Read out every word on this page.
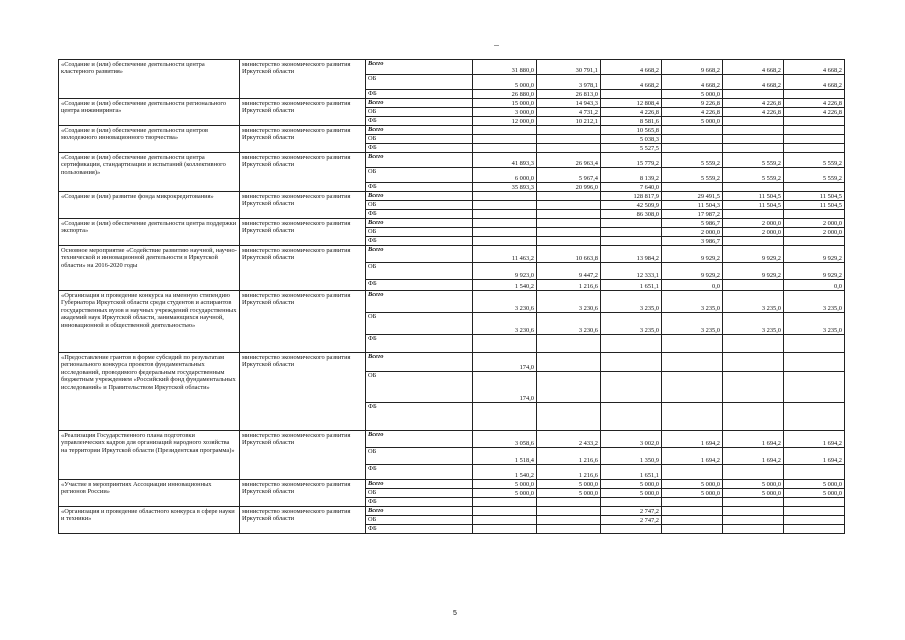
«Создание и (или) обеспечение деятельности центра кластерного развития»	министерство экономического развития Иркутской области	Всего	31 880,0	30 791,1	4 668,2	9 668,2	4 668,2	4 668,2
		ОБ	5 000,0	3 978,1	4 668,2	4 668,2	4 668,2	4 668,2
		ФБ	26 880,0	26 813,0		5 000,0		
«Создание и (или) обеспечение деятельности регионального центра инжиниринга»	министерство экономического развития Иркутской области	Всего	15 000,0	14 943,3	12 808,4	9 226,8	4 226,8	4 226,8
		ОБ	3 000,0	4 731,2	4 226,8	4 226,8	4 226,8	4 226,8
		ФБ	12 000,0	10 212,1	8 581,6	5 000,0		
«Создание и (или) обеспечение деятельности центров молодежного инновационного творчества»	министерство экономического развития Иркутской области	Всего			10 565,8			
		ОБ			5 038,3			
		ФБ			5 527,5			
«Создание и (или) обеспечение деятельности центра сертификации, стандартизации и испытаний (коллективного пользования)»	министерство экономического развития Иркутской области	Всего	41 893,3	26 963,4	15 779,2	5 559,2	5 559,2	5 559,2
		ОБ	6 000,0	5 967,4	8 139,2	5 559,2	5 559,2	5 559,2
		ФБ	35 893,3	20 996,0	7 640,0			
«Создание и (или) развитие фонда микрокредитования»	министерство экономического развития Иркутской области	Всего			128 817,9	29 491,5	11 504,5	11 504,5
		ОБ			42 509,9	11 504,3	11 504,5	11 504,5
		ФБ			86 308,0	17 987,2		
«Создание и (или) обеспечение деятельности центра поддержки экспорта»	министерство экономического развития Иркутской области	Всего				5 986,7	2 000,0	2 000,0
		ОБ				2 000,0	2 000,0	2 000,0
		ФБ				3 986,7		
Основное мероприятие «Содействие развитию научной, научно-технической и инновационной деятельности в Иркутской области» на 2016-2020 годы	министерство экономического развития Иркутской области	Всего	11 463,2	10 663,8	13 984,2	9 929,2	9 929,2	9 929,2
		ОБ	9 923,0	9 447,2	12 333,1	9 929,2	9 929,2	9 929,2
		ФБ	1 540,2	1 216,6	1 651,1	0,0		0,0
«Организация и проведение конкурса на именную стипендию Губернатора Иркутской области среди студентов и аспирантов государственных вузов и научных учреждений государственных академий наук Иркутской области, занимающихся научной, инновационной и общественной деятельностью»	министерство экономического развития Иркутской области	Всего	3 230,6	3 230,6	3 235,0	3 235,0	3 235,0	3 235,0
		ОБ	3 230,6	3 230,6	3 235,0	3 235,0	3 235,0	3 235,0
		ФБ						
«Предоставление грантов в форме субсидий по результатам регионального конкурса проектов фундаментальных исследований, проводимого федеральным государственным бюджетным учреждением «Российский фонд фундаментальных исследований» и Правительством Иркутской области»	министерство экономического развития Иркутской области	Всего	174,0					
		ОБ	174,0					
		ФБ						
«Реализация Государственного плана подготовки управленческих кадров для организаций народного хозяйства на территории Иркутской области (Президентская программа)»	министерство экономического развития Иркутской области	Всего	3 058,6	2 433,2	3 002,0	1 694,2	1 694,2	1 694,2
		ОБ	1 518,4	1 216,6	1 350,9	1 694,2	1 694,2	1 694,2
		ФБ	1 540,2	1 216,6	1 651,1			
«Участие в мероприятиях Ассоциации инновационных регионов России»	министерство экономического развития Иркутской области	Всего	5 000,0	5 000,0	5 000,0	5 000,0	5 000,0	5 000,0
		ОБ	5 000,0	5 000,0	5 000,0	5 000,0	5 000,0	5 000,0
		ФБ						
«Организация и проведение областного конкурса в сфере науки и техники»	министерство экономического развития Иркутской области	Всего			2 747,2			
		ОБ			2 747,2			
		ФБ						
5
